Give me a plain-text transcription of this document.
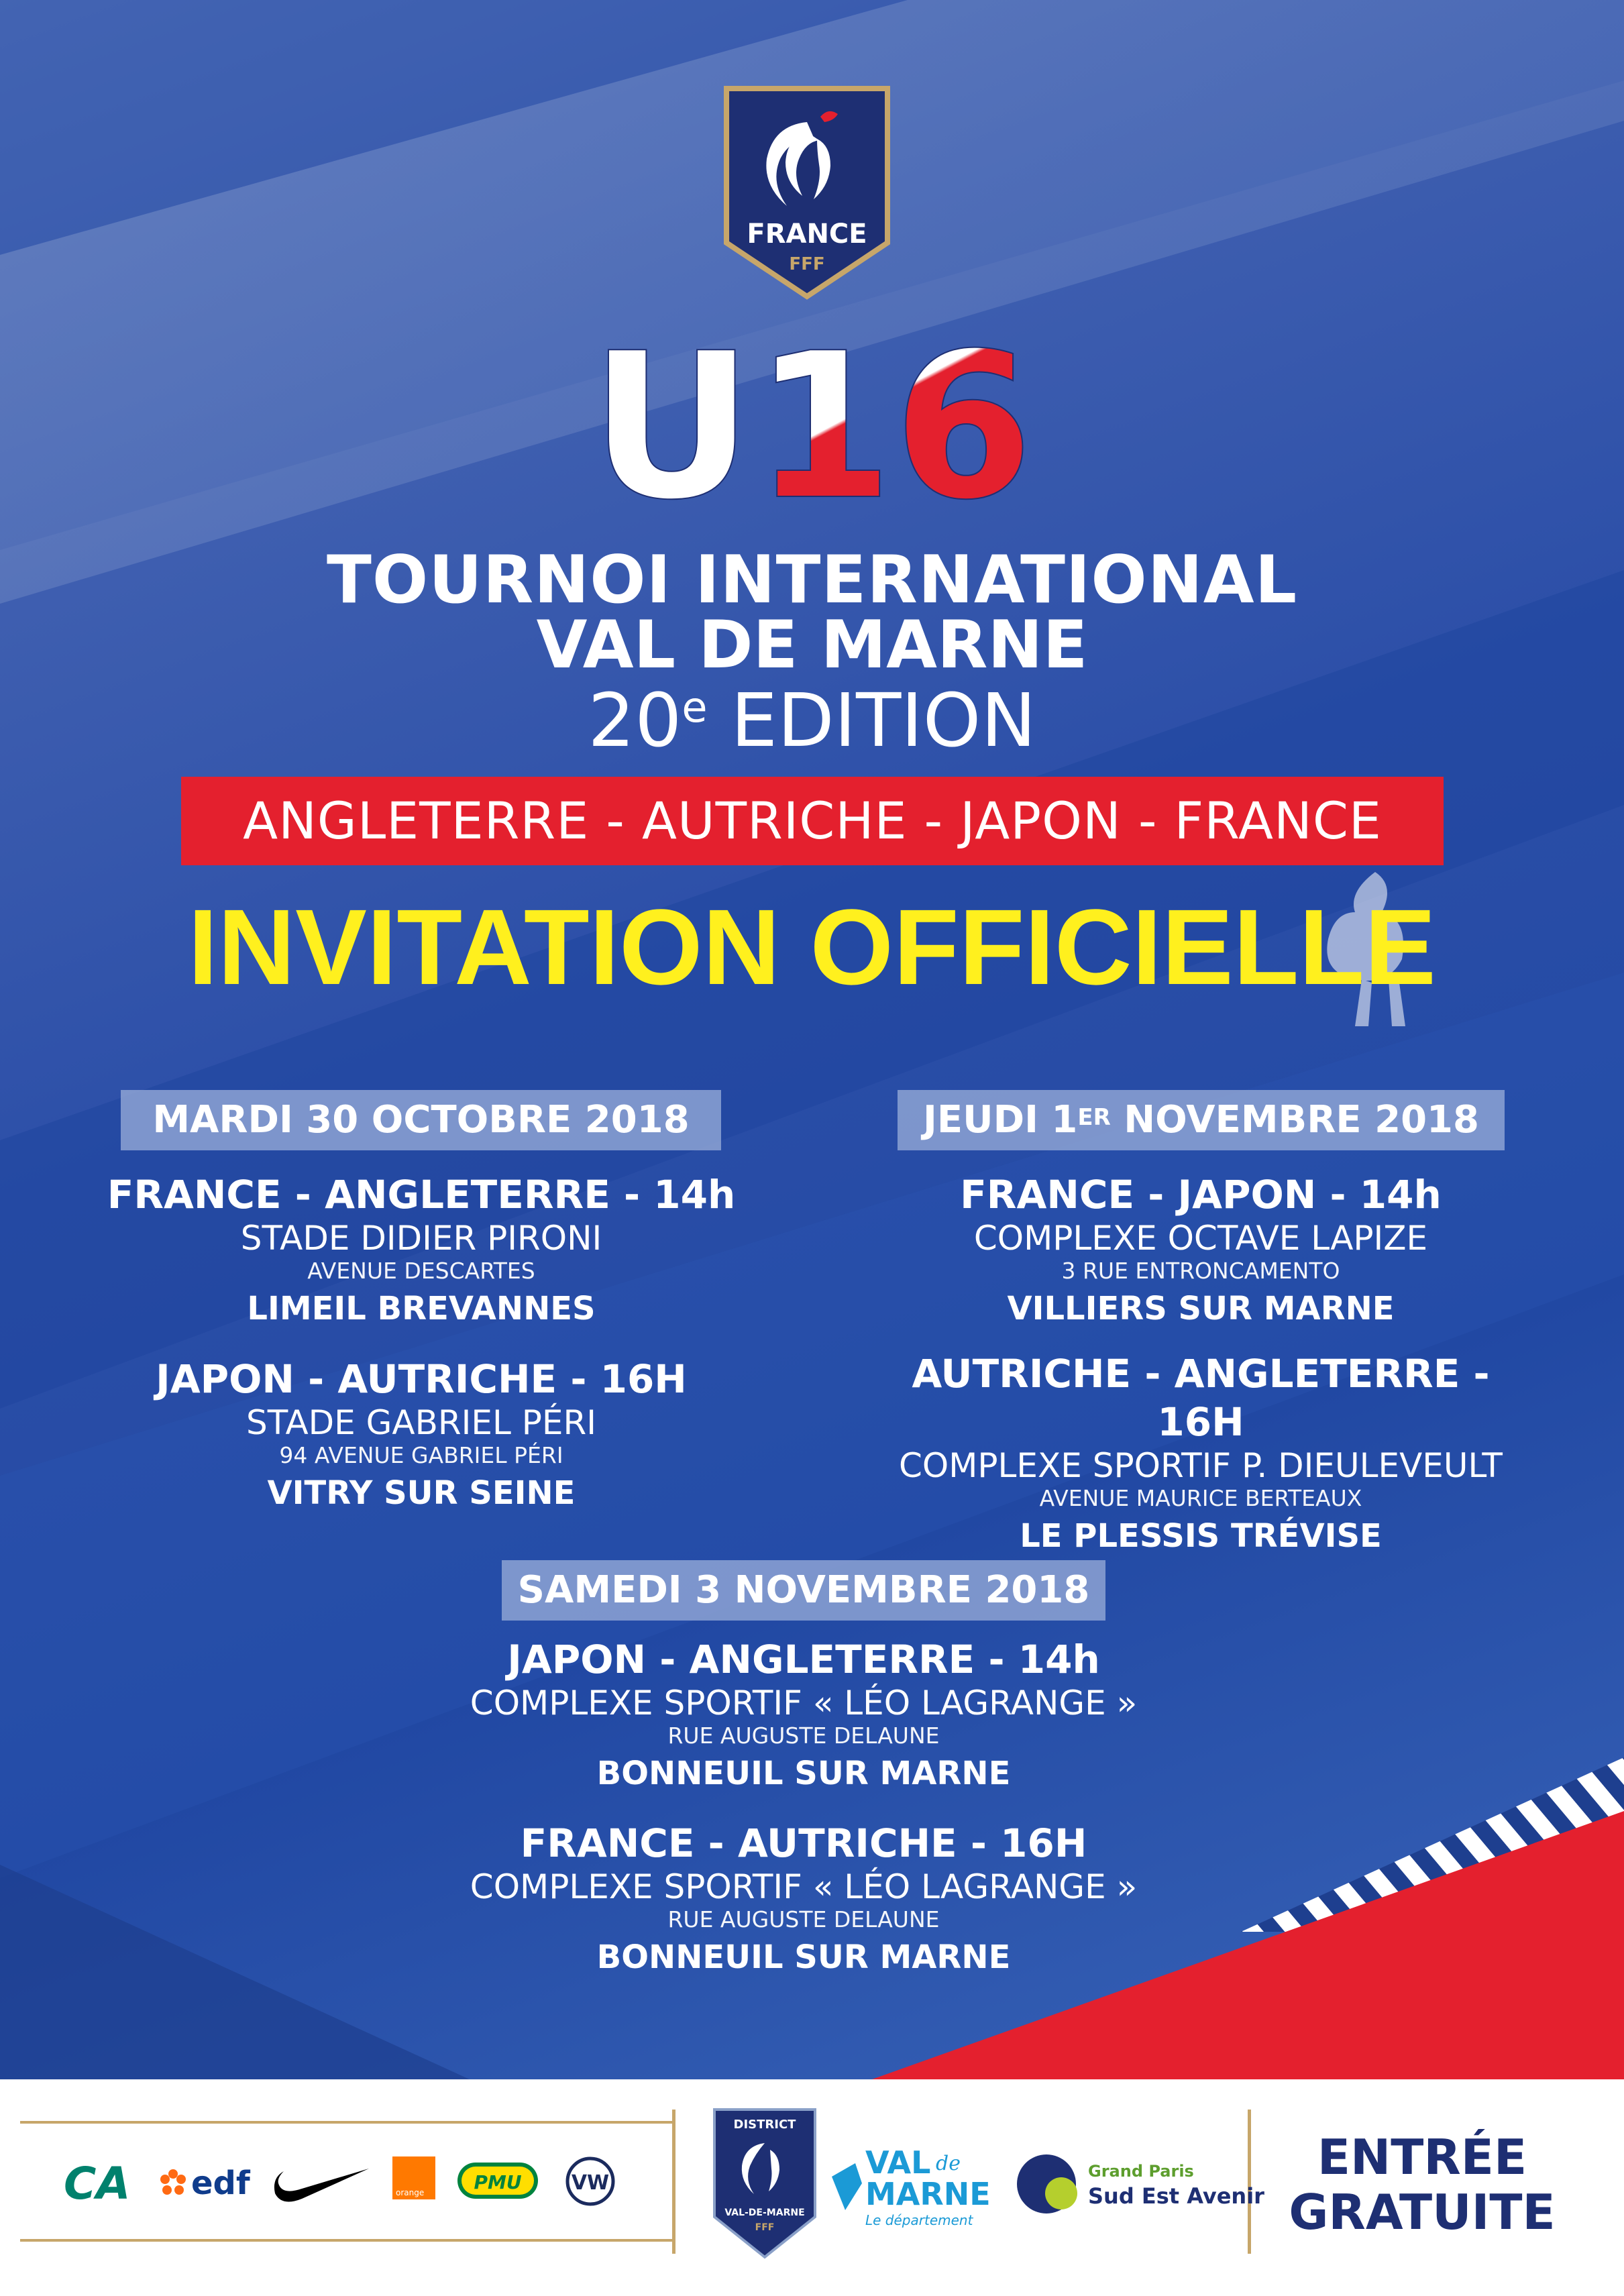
FRANCE
FFF
U16
TOURNOI INTERNATIONAL
VAL DE MARNE
20e EDITION
ANGLETERRE - AUTRICHE - JAPON - FRANCE
INVITATION OFFICIELLE
MARDI 30 OCTOBRE 2018
FRANCE - ANGLETERRE - 14h
STADE DIDIER PIRONI
AVENUE DESCARTES
LIMEIL BREVANNES
JAPON - AUTRICHE - 16H
STADE GABRIEL PÉRI
94 AVENUE GABRIEL PÉRI
VITRY SUR SEINE
JEUDI 1ER NOVEMBRE 2018
FRANCE - JAPON - 14h
COMPLEXE OCTAVE LAPIZE
3 RUE ENTRONCAMENTO
VILLIERS SUR MARNE
AUTRICHE - ANGLETERRE - 16H
COMPLEXE SPORTIF P. DIEULEVEULT
AVENUE MAURICE BERTEAUX
LE PLESSIS TRÉVISE
SAMEDI 3 NOVEMBRE 2018
JAPON - ANGLETERRE - 14h
COMPLEXE SPORTIF « LÉO LAGRANGE »
RUE AUGUSTE DELAUNE
BONNEUIL SUR MARNE
FRANCE - AUTRICHE - 16H
COMPLEXE SPORTIF « LÉO LAGRANGE »
RUE AUGUSTE DELAUNE
BONNEUIL SUR MARNE
CA edf	orange	PMU VW
DISTRICT
VAL-DE-MARNE
FFF
VAL de
MARNE
Le département
Grand Paris
Sud Est Avenir
ENTRÉE
GRATUITE
